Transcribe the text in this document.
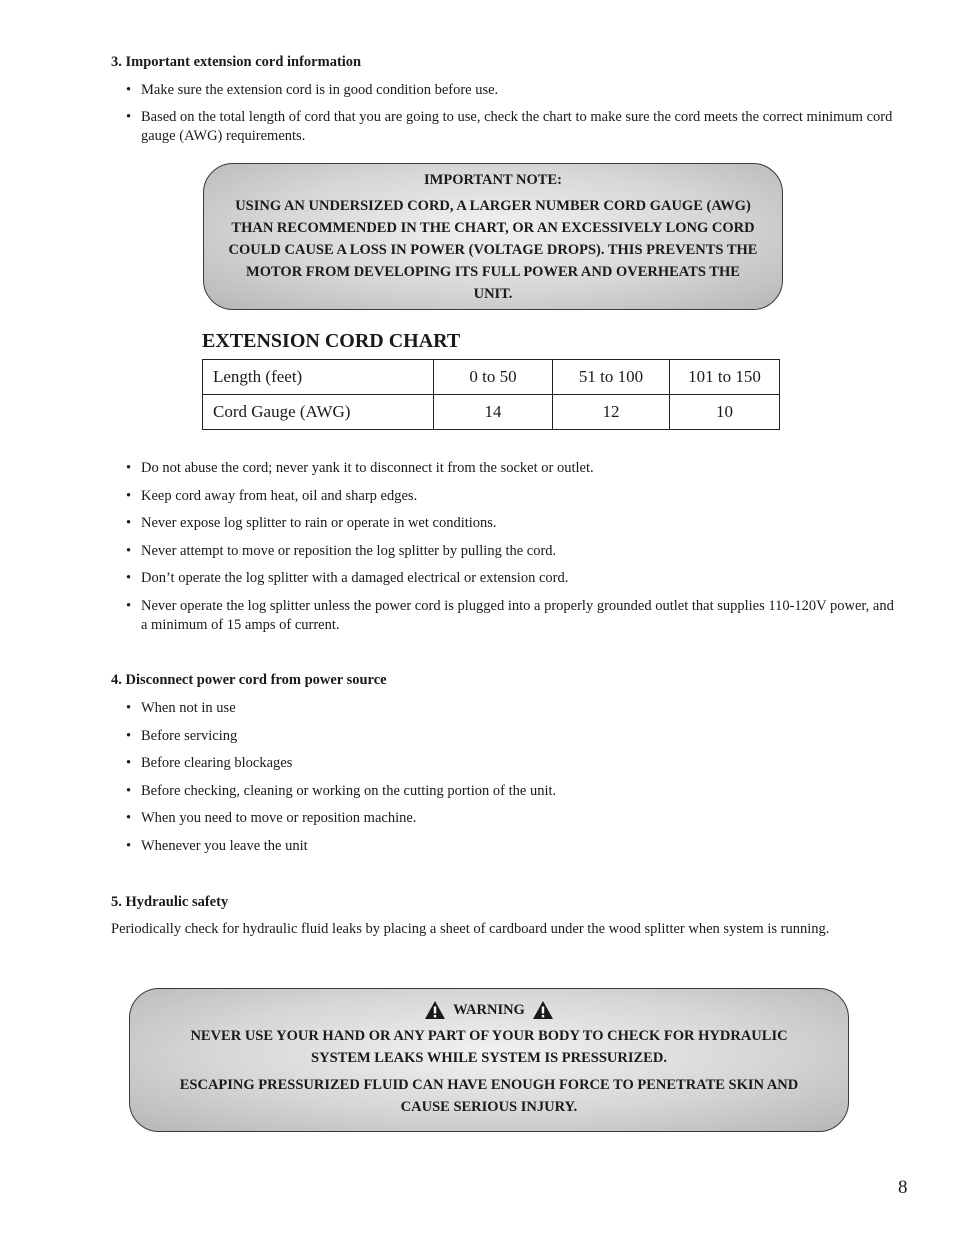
3. Important extension cord information
• Make sure the extension cord is in good condition before use.
• Based on the total length of cord that you are going to use, check the chart to make sure the cord meets the correct minimum cord gauge (AWG) requirements.
IMPORTANT NOTE:
USING AN UNDERSIZED CORD, A LARGER NUMBER CORD GAUGE (AWG) THAN RECOMMENDED IN THE CHART, OR AN EXCESSIVELY LONG CORD COULD CAUSE A LOSS IN POWER (VOLTAGE DROPS). THIS PREVENTS THE MOTOR FROM DEVELOPING ITS FULL POWER AND OVERHEATS THE UNIT.
EXTENSION CORD CHART
Length (feet)	0 to 50	51 to 100	101 to 150
Cord Gauge (AWG)	14	12	10
• Do not abuse the cord; never yank it to disconnect it from the socket or outlet.
• Keep cord away from heat, oil and sharp edges.
• Never expose log splitter to rain or operate in wet conditions.
• Never attempt to move or reposition the log splitter by pulling the cord.
• Don’t operate the log splitter with a damaged electrical or extension cord.
• Never operate the log splitter unless the power cord is plugged into a properly grounded outlet that supplies 110-120V power, and a minimum of 15 amps of current.
4. Disconnect power cord from power source
• When not in use
• Before servicing
• Before clearing blockages
• Before checking, cleaning or working on the cutting portion of the unit.
• When you need to move or reposition machine.
• Whenever you leave the unit
5. Hydraulic safety
Periodically check for hydraulic fluid leaks by placing a sheet of cardboard under the wood splitter when system is running.
WARNING
NEVER USE YOUR HAND OR ANY PART OF YOUR BODY TO CHECK FOR HYDRAULIC SYSTEM LEAKS WHILE SYSTEM IS PRESSURIZED.
ESCAPING PRESSURIZED FLUID CAN HAVE ENOUGH FORCE TO PENETRATE SKIN AND CAUSE SERIOUS INJURY.
8
